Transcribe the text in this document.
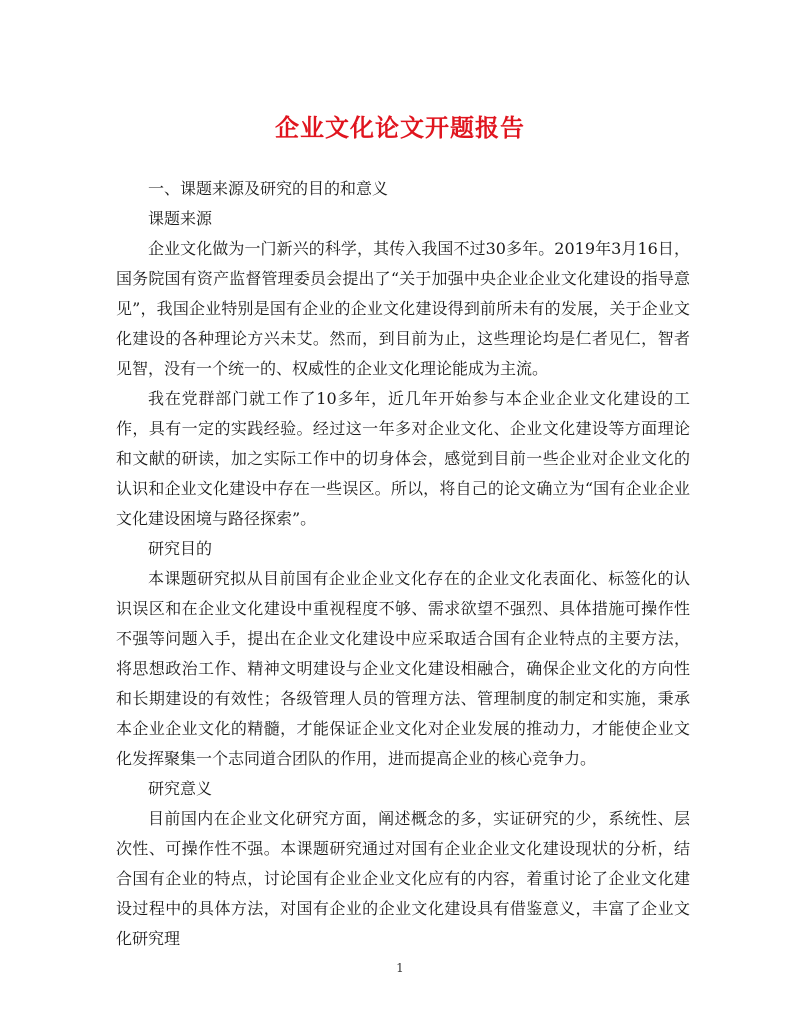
企业文化论文开题报告

一、课题来源及研究的目的和意义

课题来源

企业文化做为一门新兴的科学，其传入我国不过30多年。2019年3月16日，国务院国有资产监督管理委员会提出了“关于加强中央企业企业文化建设的指导意见”，我国企业特别是国有企业的企业文化建设得到前所未有的发展，关于企业文化建设的各种理论方兴未艾。然而，到目前为止，这些理论均是仁者见仁，智者见智，没有一个统一的、权威性的企业文化理论能成为主流。

我在党群部门就工作了10多年，近几年开始参与本企业企业文化建设的工作，具有一定的实践经验。经过这一年多对企业文化、企业文化建设等方面理论和文献的研读，加之实际工作中的切身体会，感觉到目前一些企业对企业文化的认识和企业文化建设中存在一些误区。所以，将自己的论文确立为“国有企业企业文化建设困境与路径探索”。

研究目的

本课题研究拟从目前国有企业企业文化存在的企业文化表面化、标签化的认识误区和在企业文化建设中重视程度不够、需求欲望不强烈、具体措施可操作性不强等问题入手，提出在企业文化建设中应采取适合国有企业特点的主要方法，将思想政治工作、精神文明建设与企业文化建设相融合，确保企业文化的方向性和长期建设的有效性；各级管理人员的管理方法、管理制度的制定和实施，秉承本企业企业文化的精髓，才能保证企业文化对企业发展的推动力，才能使企业文化发挥聚集一个志同道合团队的作用，进而提高企业的核心竞争力。

研究意义

目前国内在企业文化研究方面，阐述概念的多，实证研究的少，系统性、层次性、可操作性不强。本课题研究通过对国有企业企业文化建设现状的分析，结合国有企业的特点，讨论国有企业企业文化应有的内容，着重讨论了企业文化建设过程中的具体方法，对国有企业的企业文化建设具有借鉴意义，丰富了企业文化研究理

1
